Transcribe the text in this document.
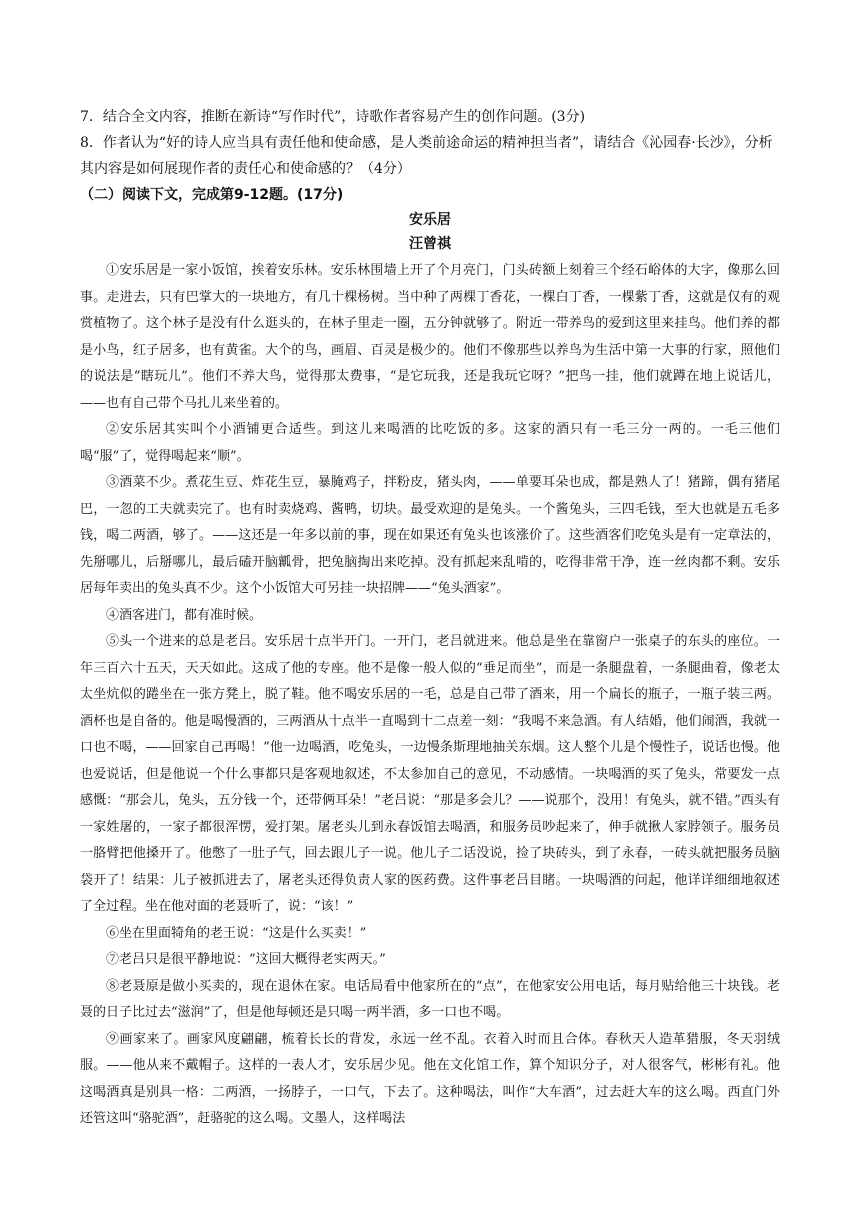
7．结合全文内容，推断在新诗“写作时代”，诗歌作者容易产生的创作问题。(3分)

8．作者认为“好的诗人应当具有责任他和使命感，是人类前途命运的精神担当者”，请结合《沁园春·长沙》，分析其内容是如何展现作者的责任心和使命感的？（4分）

（二）阅读下文，完成第9-12题。(17分)

安乐居

汪曾祺

①安乐居是一家小饭馆，挨着安乐林。安乐林围墙上开了个月亮门，门头砖额上刻着三个经石峪体的大字，像那么回事。走进去，只有巴掌大的一块地方，有几十棵杨树。当中种了两棵丁香花，一棵白丁香，一棵紫丁香，这就是仅有的观赏植物了。这个林子是没有什么逛头的，在林子里走一圈，五分钟就够了。附近一带养鸟的爱到这里来挂鸟。他们养的都是小鸟，红子居多，也有黄雀。大个的鸟，画眉、百灵是极少的。他们不像那些以养鸟为生活中第一大事的行家，照他们的说法是“瞎玩儿”。他们不养大鸟，觉得那太费事，“是它玩我，还是我玩它呀？”把鸟一挂，他们就蹲在地上说话儿，——也有自己带个马扎儿来坐着的。

②安乐居其实叫个小酒铺更合适些。到这儿来喝酒的比吃饭的多。这家的酒只有一毛三分一两的。一毛三他们喝“服”了，觉得喝起来“顺”。

③酒菜不少。煮花生豆、炸花生豆，暴腌鸡子，拌粉皮，猪头肉，——单要耳朵也成，都是熟人了！猪蹄，偶有猪尾巴，一忽的工夫就卖完了。也有时卖烧鸡、酱鸭，切块。最受欢迎的是兔头。一个酱兔头，三四毛钱，至大也就是五毛多钱，喝二两酒，够了。——这还是一年多以前的事，现在如果还有兔头也该涨价了。这些酒客们吃兔头是有一定章法的，先掰哪儿，后掰哪儿，最后磕开脑瓤骨，把兔脑掏出来吃掉。没有抓起来乱啃的，吃得非常干净，连一丝肉都不剩。安乐居每年卖出的兔头真不少。这个小饭馆大可另挂一块招牌——“兔头酒家”。

④酒客进门，都有准时候。

⑤头一个进来的总是老吕。安乐居十点半开门。一开门，老吕就进来。他总是坐在靠窗户一张桌子的东头的座位。一年三百六十五天，天天如此。这成了他的专座。他不是像一般人似的“垂足而坐”，而是一条腿盘着，一条腿曲着，像老太太坐炕似的踡坐在一张方凳上，脱了鞋。他不喝安乐居的一毛，总是自己带了酒来，用一个扁长的瓶子，一瓶子装三两。酒杯也是自备的。他是喝慢酒的，三两酒从十点半一直喝到十二点差一刻：“我喝不来急酒。有人结婚，他们闹酒，我就一口也不喝，——回家自己再喝！”他一边喝酒，吃兔头，一边慢条斯理地抽关东烟。这人整个儿是个慢性子，说话也慢。他也爱说话，但是他说一个什么事都只是客观地叙述，不太参加自己的意见，不动感情。一块喝酒的买了兔头，常要发一点感慨：“那会儿，兔头，五分钱一个，还带俩耳朵！”老吕说：“那是多会儿？——说那个，没用！有兔头，就不错。”西头有一家姓屠的，一家子都很浑愣，爱打架。屠老头儿到永春饭馆去喝酒，和服务员吵起来了，伸手就揪人家脖领子。服务员一胳臂把他搡开了。他憋了一肚子气，回去跟儿子一说。他儿子二话没说，捡了块砖头，到了永春，一砖头就把服务员脑袋开了！结果：儿子被抓进去了，屠老头还得负责人家的医药费。这件事老吕目睹。一块喝酒的问起，他详详细细地叙述了全过程。坐在他对面的老聂听了，说：“该！”

⑥坐在里面犄角的老王说：“这是什么买卖！”

⑦老吕只是很平静地说：“这回大概得老实两天。”

⑧老聂原是做小买卖的，现在退休在家。电话局看中他家所在的“点”，在他家安公用电话，每月贴给他三十块钱。老聂的日子比过去“滋润”了，但是他每顿还是只喝一两半酒，多一口也不喝。

⑨画家来了。画家风度翩翩，梳着长长的背发，永远一丝不乱。衣着入时而且合体。春秋天人造革猎服，冬天羽绒服。——他从来不戴帽子。这样的一表人才，安乐居少见。他在文化馆工作，算个知识分子，对人很客气，彬彬有礼。他这喝酒真是别具一格：二两酒，一扬脖子，一口气，下去了。这种喝法，叫作“大车酒”，过去赶大车的这么喝。西直门外还管这叫“骆驼酒”，赶骆驼的这么喝。文墨人，这样喝法
